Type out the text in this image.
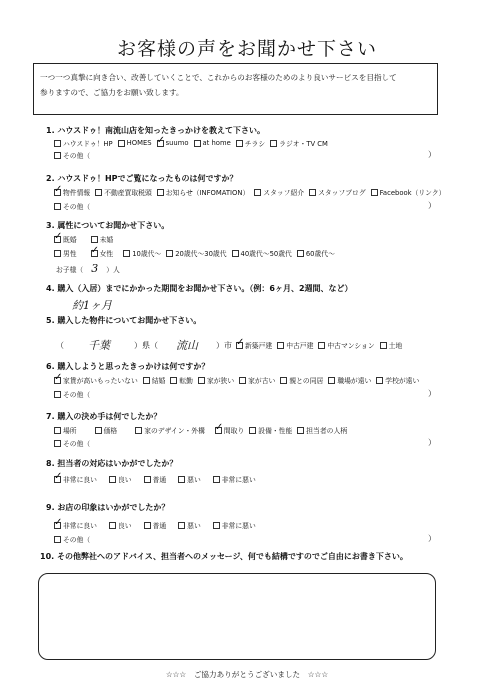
お客様の声をお聞かせ下さい
一つ一つ真摯に向き合い、改善していくことで、これからのお客様のためのより良いサービスを目指して
参りますので、ご協力をお願い致します。
1. ハウスドゥ！南流山店を知ったきっかけを教えて下さい。
ハウスドゥ！HP HOMES ✓ suumo at home チラシ ラジオ・TV CM
その他（	）
2. ハウスドゥ！HPでご覧になったものは何ですか？
✓
物件情報 不動産買取税頭 お知らせ（INFOMATION） スタッフ紹介 スタッフブログ Facebook（リンク）
その他（	）
3. 属性についてお聞かせ下さい。
✓
既婚	未婚
男性 ✓	女性	10歳代〜 20歳代〜30歳代 40歳代〜50歳代 60歳代〜
お子様（ 3 ）人
4. 購入（入居）までにかかった期間をお聞かせ下さい。（例：6ヶ月、2週間、など）
約1ヶ月
5. 購入した物件についてお聞かせ下さい。
（	千葉	）県（	流山	）市 ✓ 新築戸建 中古戸建 中古マンション 土地
6. 購入しようと思ったきっかけは何ですか？
✓
家賃が高いもったいない 結婚 転勤 家が狭い 家が古い 親との同居 職場が遠い 学校が遠い
その他（	）
7. 購入の決め手は何でしたか？
場所	価格	家のデザイン・外構 ✓	間取り 設備・性能 担当者の人柄
その他（	）
8. 担当者の対応はいかがでしたか？
✓
非常に良い	良い	普通	悪い	非常に悪い
9. お店の印象はいかがでしたか？
✓
非常に良い	良い	普通	悪い	非常に悪い
その他（	）
10. その他弊社へのアドバイス、担当者へのメッセージ、何でも結構ですのでご自由にお書き下さい。
☆☆☆　ご協力ありがとうございました　☆☆☆
